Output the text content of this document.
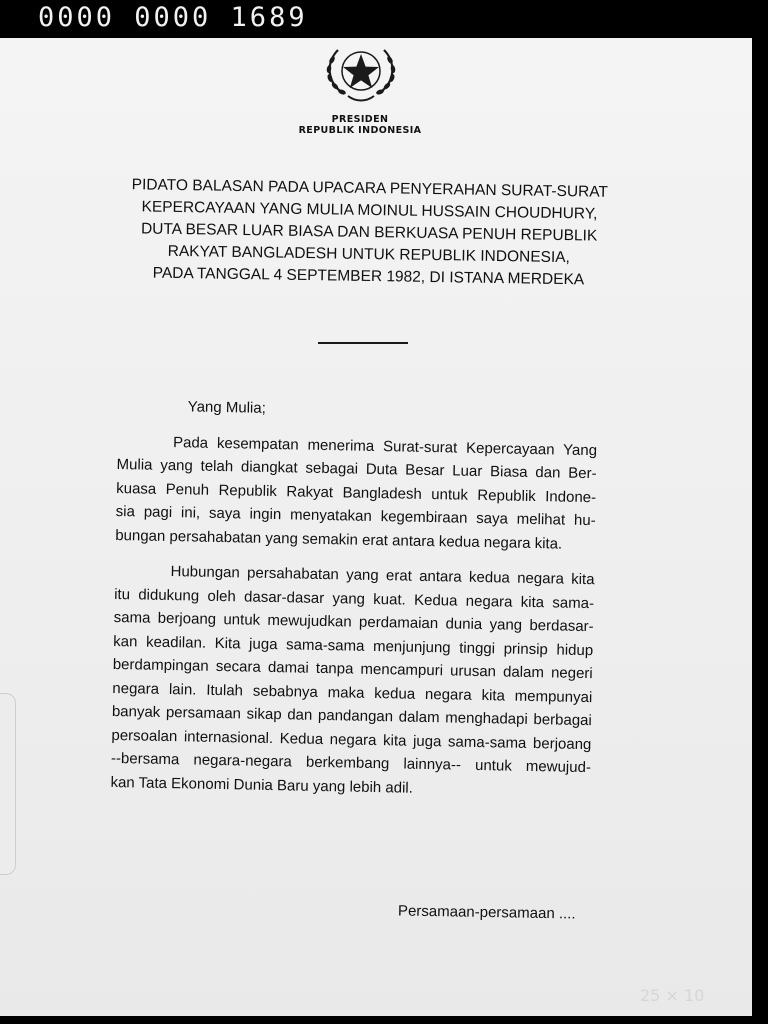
0000 0000 1689
PRESIDEN
REPUBLIK INDONESIA
PIDATO BALASAN PADA UPACARA PENYERAHAN SURAT-SURAT
KEPERCAYAAN YANG MULIA MOINUL HUSSAIN CHOUDHURY,
DUTA BESAR LUAR BIASA DAN BERKUASA PENUH REPUBLIK
RAKYAT BANGLADESH UNTUK REPUBLIK INDONESIA,
PADA TANGGAL 4 SEPTEMBER 1982, DI ISTANA MERDEKA
Yang Mulia;
Pada kesempatan menerima Surat-surat Kepercayaan Yang
Mulia yang telah diangkat sebagai Duta Besar Luar Biasa dan Ber-
kuasa Penuh Republik Rakyat Bangladesh untuk Republik Indone-
sia pagi ini, saya ingin menyatakan kegembiraan saya melihat hu-
bungan persahabatan yang semakin erat antara kedua negara kita.
Hubungan persahabatan yang erat antara kedua negara kita
itu didukung oleh dasar-dasar yang kuat. Kedua negara kita sama-
sama berjoang untuk mewujudkan perdamaian dunia yang berdasar-
kan keadilan. Kita juga sama-sama menjunjung tinggi prinsip hidup
berdampingan secara damai tanpa mencampuri urusan dalam negeri
negara lain. Itulah sebabnya maka kedua negara kita mempunyai
banyak persamaan sikap dan pandangan dalam menghadapi berbagai
persoalan internasional. Kedua negara kita juga sama-sama berjoang
--bersama negara-negara berkembang lainnya-- untuk mewujud-
kan Tata Ekonomi Dunia Baru yang lebih adil.
Persamaan-persamaan ....
25 × 10
